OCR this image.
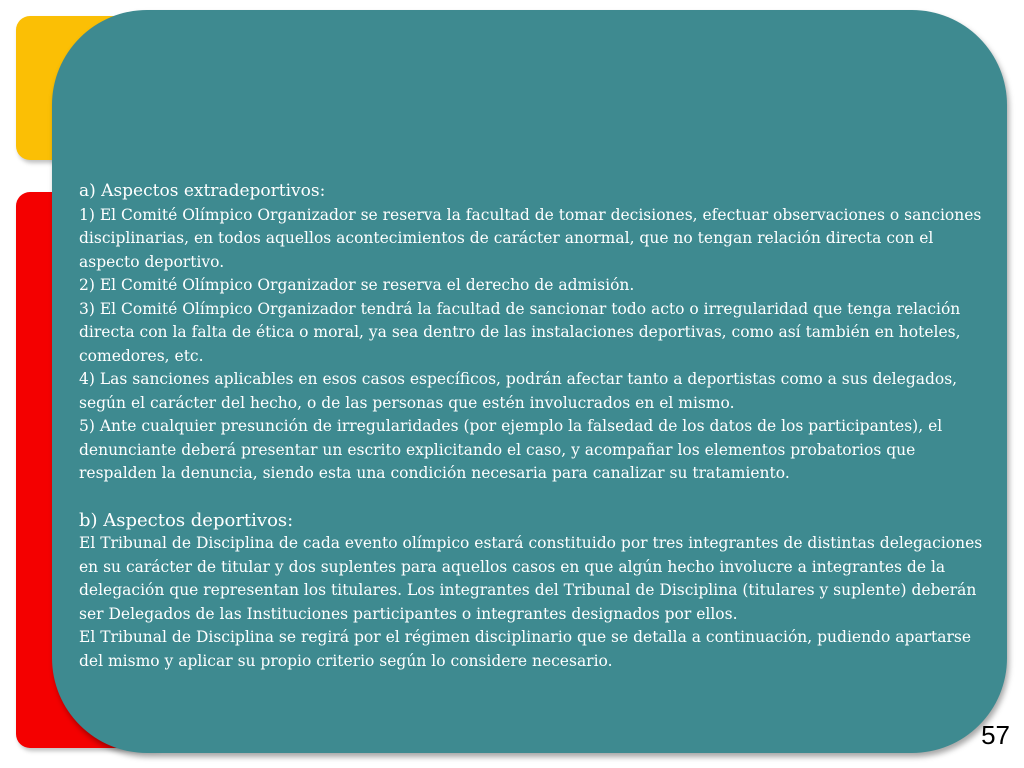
a) Aspectos extradeportivos:

1) El Comité Olímpico Organizador se reserva la facultad de tomar decisiones, efectuar observaciones o sanciones disciplinarias, en todos aquellos acontecimientos de carácter anormal, que no tengan relación directa con el aspecto deportivo.

2) El Comité Olímpico Organizador se reserva el derecho de admisión.

3) El Comité Olímpico Organizador tendrá la facultad de sancionar todo acto o irregularidad que tenga relación directa con la falta de ética o moral, ya sea dentro de las instalaciones deportivas, como así también en hoteles, comedores, etc.

4) Las sanciones aplicables en esos casos específicos, podrán afectar tanto a deportistas como a sus delegados, según el carácter del hecho, o de las personas que estén involucrados en el mismo.

5) Ante cualquier presunción de irregularidades (por ejemplo la falsedad de los datos de los participantes), el denunciante deberá presentar un escrito explicitando el caso, y acompañar los elementos probatorios que respalden la denuncia, siendo esta una condición necesaria para canalizar su tratamiento.

b) Aspectos deportivos:

El Tribunal de Disciplina de cada evento olímpico estará constituido por tres integrantes de distintas delegaciones en su carácter de titular y dos suplentes para aquellos casos en que algún hecho involucre a integrantes de la delegación que representan los titulares. Los integrantes del Tribunal de Disciplina (titulares y suplente) deberán ser Delegados de las Instituciones participantes o integrantes designados por ellos.

El Tribunal de Disciplina se regirá por el régimen disciplinario que se detalla a continuación, pudiendo apartarse del mismo y aplicar su propio criterio según lo considere necesario.

57
